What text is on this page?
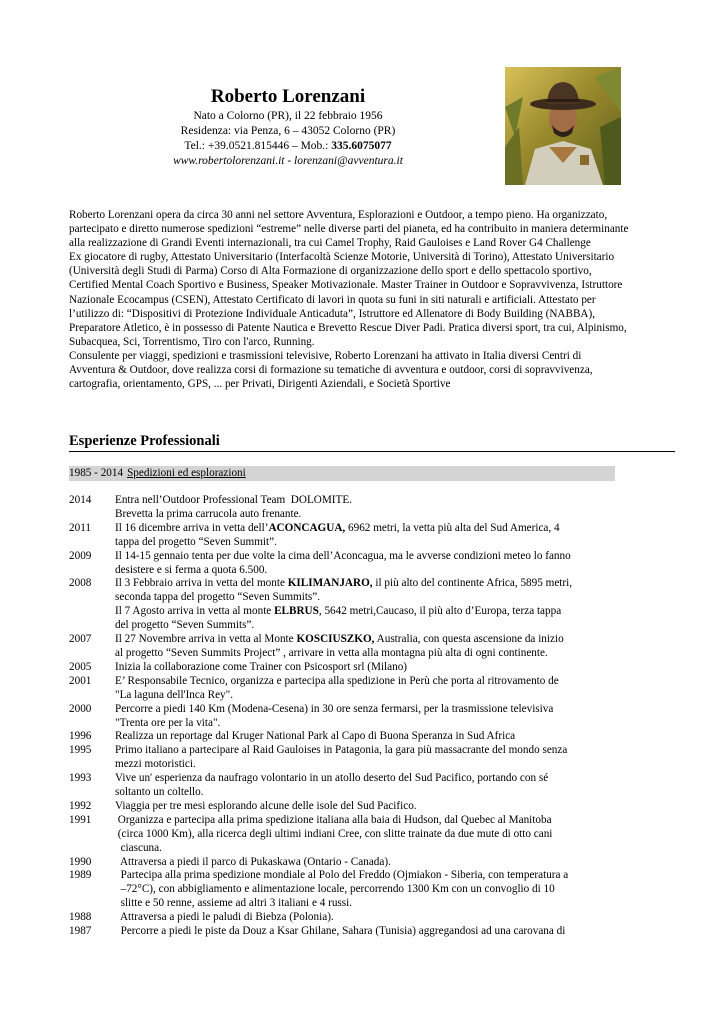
Roberto Lorenzani
Nato a Colorno (PR), il 22 febbraio 1956
Residenza: via Penza, 6 – 43052 Colorno (PR)
Tel.: +39.0521.815446 – Mob.: 335.6075077
www.robertolorenzani.it - lorenzani@avventura.it

Roberto Lorenzani opera da circa 30 anni nel settore Avventura, Esplorazioni e Outdoor, a tempo pieno. Ha organizzato, partecipato e diretto numerose spedizioni “estreme” nelle diverse parti del pianeta, ed ha contribuito in maniera determinante alla realizzazione di Grandi Eventi internazionali, tra cui Camel Trophy, Raid Gauloises e Land Rover G4 Challenge

Ex giocatore di rugby, Attestato Universitario (Interfacoltà Scienze Motorie, Università di Torino), Attestato Universitario (Università degli Studi di Parma) Corso di Alta Formazione di organizzazione dello sport e dello spettacolo sportivo, Certified Mental Coach Sportivo e Business, Speaker Motivazionale. Master Trainer in Outdoor e Sopravvivenza, Istruttore Nazionale Ecocampus (CSEN), Attestato Certificato di lavori in quota su funi in siti naturali e artificiali. Attestato per l’utilizzo di: “Dispositivi di Protezione Individuale Anticaduta”, Istruttore ed Allenatore di Body Building (NABBA), Preparatore Atletico, è in possesso di Patente Nautica e Brevetto Rescue Diver Padi. Pratica diversi sport, tra cui, Alpinismo, Subacquea, Sci, Torrentismo, Tiro con l'arco, Running.

Consulente per viaggi, spedizioni e trasmissioni televisive, Roberto Lorenzani ha attivato in Italia diversi Centri di Avventura & Outdoor, dove realizza corsi di formazione su tematiche di avventura e outdoor, corsi di sopravvivenza, cartografia, orientamento, GPS, ... per Privati, Dirigenti Aziendali, e Società Sportive

Esperienze Professionali
1985 - 2014 Spedizioni ed esplorazioni
2014	Entra nell’Outdoor Professional Team  DOLOMITE.
Brevetta la prima carrucola auto frenante.
2011	Il 16 dicembre arriva in vetta dell’ACONCAGUA, 6962 metri, la vetta più alta del Sud America, 4
tappa del progetto “Seven Summit”.
2009	Il 14-15 gennaio tenta per due volte la cima dell’Aconcagua, ma le avverse condizioni meteo lo fanno
desistere e si ferma a quota 6.500.
2008	Il 3 Febbraio arriva in vetta del monte KILIMANJARO, il più alto del continente Africa, 5895 metri,
seconda tappa del progetto “Seven Summits”.
Il 7 Agosto arriva in vetta al monte ELBRUS, 5642 metri,Caucaso, il più alto d’Europa, terza tappa
del progetto “Seven Summits”.
2007	Il 27 Novembre arriva in vetta al Monte KOSCIUSZKO, Australia, con questa ascensione da inizio
al progetto “Seven Summits Project” , arrivare in vetta alla montagna più alta di ogni continente.
2005	Inizia la collaborazione come Trainer con Psicosport srl (Milano)
2001	E’ Responsabile Tecnico, organizza e partecipa alla spedizione in Perù che porta al ritrovamento de
"La laguna dell'Inca Rey".
2000	Percorre a piedi 140 Km (Modena-Cesena) in 30 ore senza fermarsi, per la trasmissione televisiva
"Trenta ore per la vita".
1996	Realizza un reportage dal Kruger National Park al Capo di Buona Speranza in Sud Africa
1995	Primo italiano a partecipare al Raid Gauloises in Patagonia, la gara più massacrante del mondo senza
mezzi motoristici.
1993	Vive un' esperienza da naufrago volontario in un atollo deserto del Sud Pacifico, portando con sé
soltanto un coltello.
1992	Viaggia per tre mesi esplorando alcune delle isole del Sud Pacifico.
1991	Organizza e partecipa alla prima spedizione italiana alla baia di Hudson, dal Quebec al Manitoba
(circa 1000 Km), alla ricerca degli ultimi indiani Cree, con slitte trainate da due mute di otto cani
ciascuna.
1990	Attraversa a piedi il parco di Pukaskawa (Ontario - Canada).
1989	Partecipa alla prima spedizione mondiale al Polo del Freddo (Ojmiakon - Siberia, con temperatura a
–72°C), con abbigliamento e alimentazione locale, percorrendo 1300 Km con un convoglio di 10
slitte e 50 renne, assieme ad altri 3 italiani e 4 russi.
1988	Attraversa a piedi le paludi di Biebza (Polonia).
1987	Percorre a piedi le piste da Douz a Ksar Ghilane, Sahara (Tunisia) aggregandosi ad una carovana di
